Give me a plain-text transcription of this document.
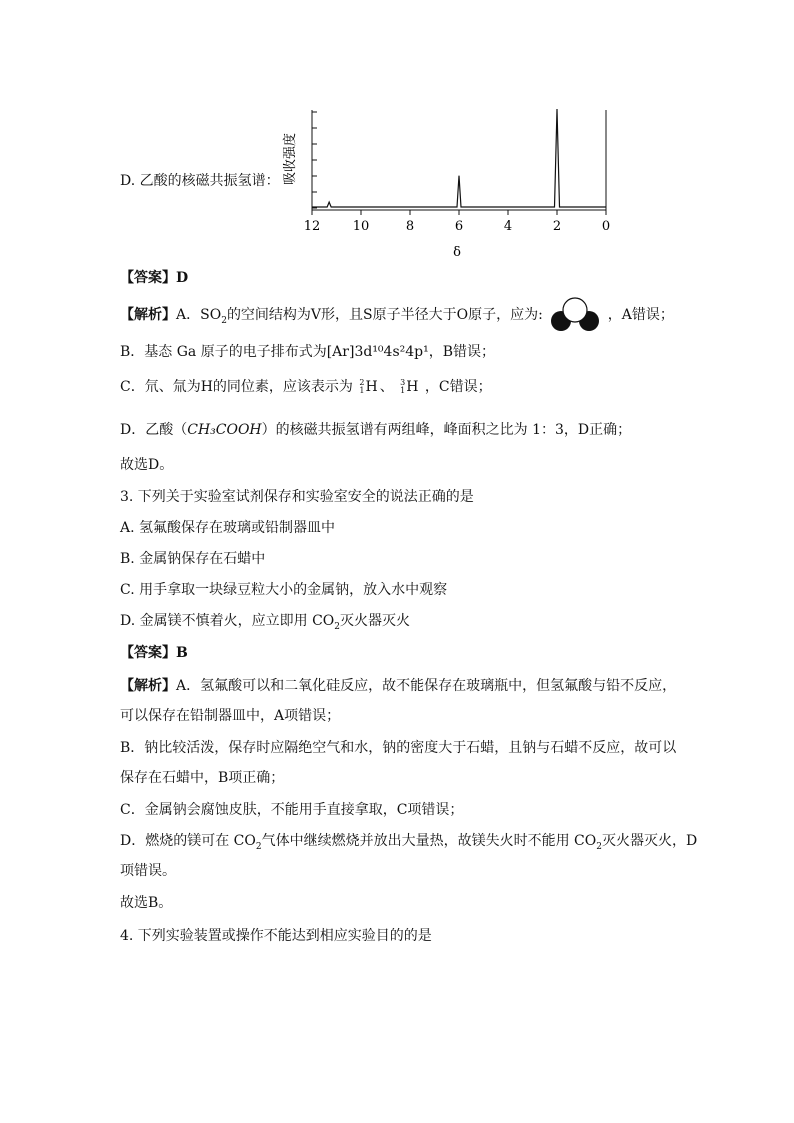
D. 乙酸的核磁共振氢谱： 吸收强度
12 10	8	6	4	2	0
δ
【答案】D
【解析】A．$SO_2$的空间结构为V形，且S原子半径大于O原子，应为:	，A错误；
B．基态 Ga 原子的电子排布式为[Ar]3d¹⁰4s²4p¹，B错误；
C．氘、氚为H的同位素，应该表示为 2
1 H 、 3
1 H ，C错误；
D．乙酸（CH₃COOH）的核磁共振氢谱有两组峰，峰面积之比为 1：3，D正确；
故选D。
3. 下列关于实验室试剂保存和实验室安全的说法正确的是
A. 氢氟酸保存在玻璃或铅制器皿中
B. 金属钠保存在石蜡中
C. 用手拿取一块绿豆粒大小的金属钠，放入水中观察
D. 金属镁不慎着火，应立即用 $CO_2$灭火器灭火
【答案】B
【解析】A．氢氟酸可以和二氧化硅反应，故不能保存在玻璃瓶中，但氢氟酸与铅不反应，
可以保存在铅制器皿中，A项错误；
B．钠比较活泼，保存时应隔绝空气和水，钠的密度大于石蜡，且钠与石蜡不反应，故可以
保存在石蜡中，B项正确；
C．金属钠会腐蚀皮肤，不能用手直接拿取，C项错误；
D．燃烧的镁可在 $CO_2$气体中继续燃烧并放出大量热，故镁失火时不能用 $CO_2$灭火器灭火，D
项错误。
故选B。
4. 下列实验装置或操作不能达到相应实验目的的是
